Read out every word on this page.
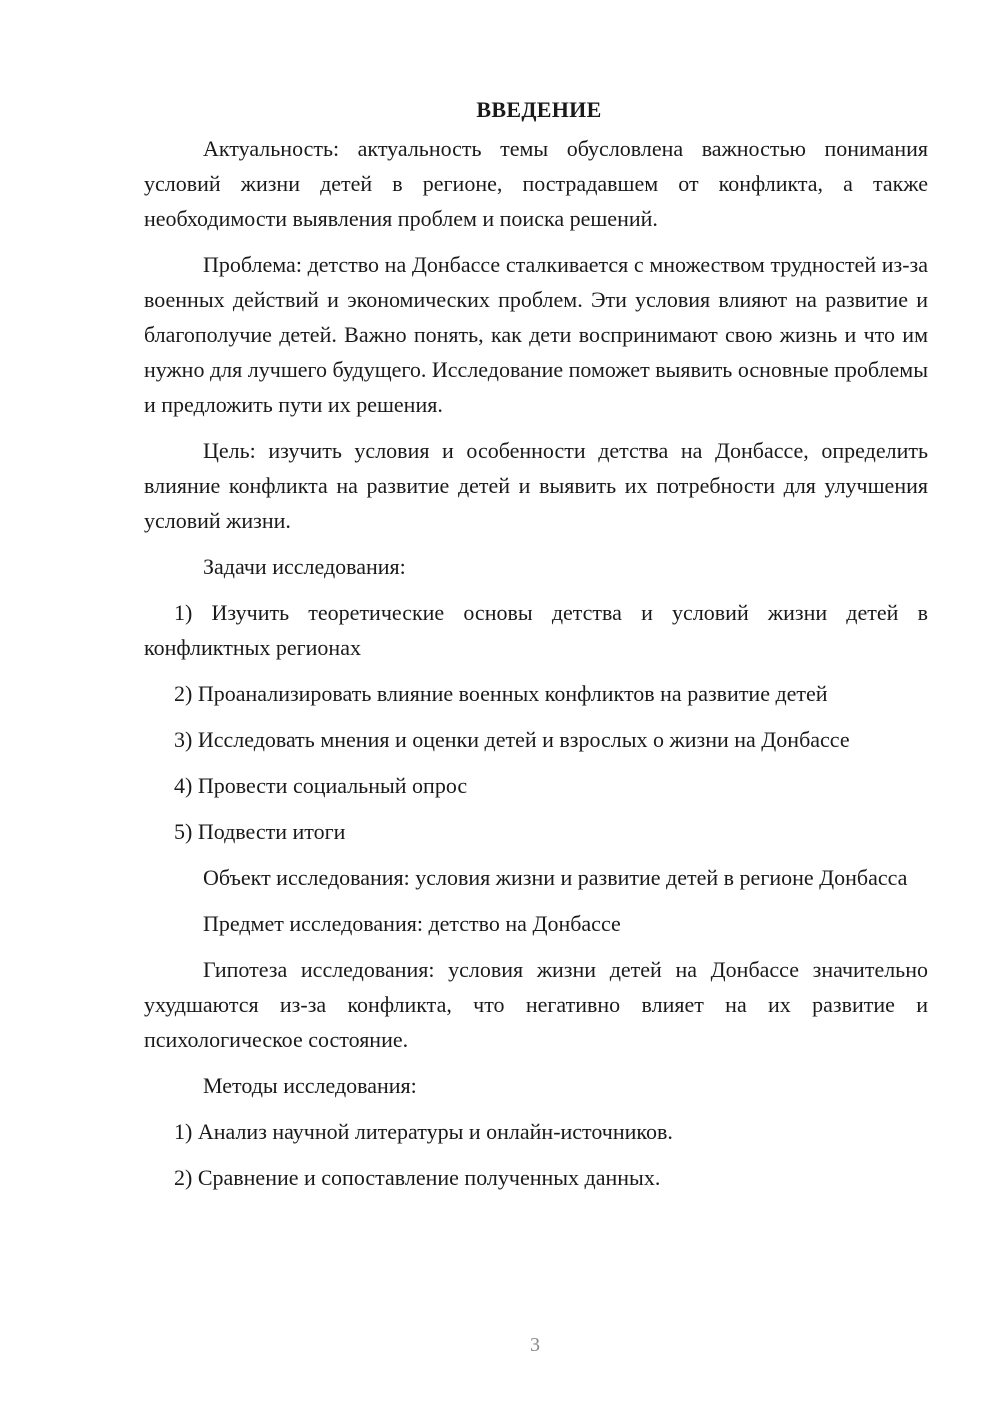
ВВЕДЕНИЕ

Актуальность: актуальность темы обусловлена важностью понимания условий жизни детей в регионе, пострадавшем от конфликта, а также необходимости выявления проблем и поиска решений.

Проблема: детство на Донбассе сталкивается с множеством трудностей из-за военных действий и экономических проблем. Эти условия влияют на развитие и благополучие детей. Важно понять, как дети воспринимают свою жизнь и что им нужно для лучшего будущего. Исследование поможет выявить основные проблемы и предложить пути их решения.

Цель: изучить условия и особенности детства на Донбассе, определить влияние конфликта на развитие детей и выявить их потребности для улучшения условий жизни.

Задачи исследования:

1) Изучить теоретические основы детства и условий жизни детей в конфликтных регионах

2) Проанализировать влияние военных конфликтов на развитие детей

3) Исследовать мнения и оценки детей и взрослых о жизни на Донбассе

4) Провести социальный опрос

5) Подвести итоги

Объект исследования: условия жизни и развитие детей в регионе Донбасса

Предмет исследования: детство на Донбассе

Гипотеза исследования: условия жизни детей на Донбассе значительно ухудшаются из-за конфликта, что негативно влияет на их развитие и психологическое состояние.

Методы исследования:

1) Анализ научной литературы и онлайн-источников.

2) Сравнение и сопоставление полученных данных.

3
